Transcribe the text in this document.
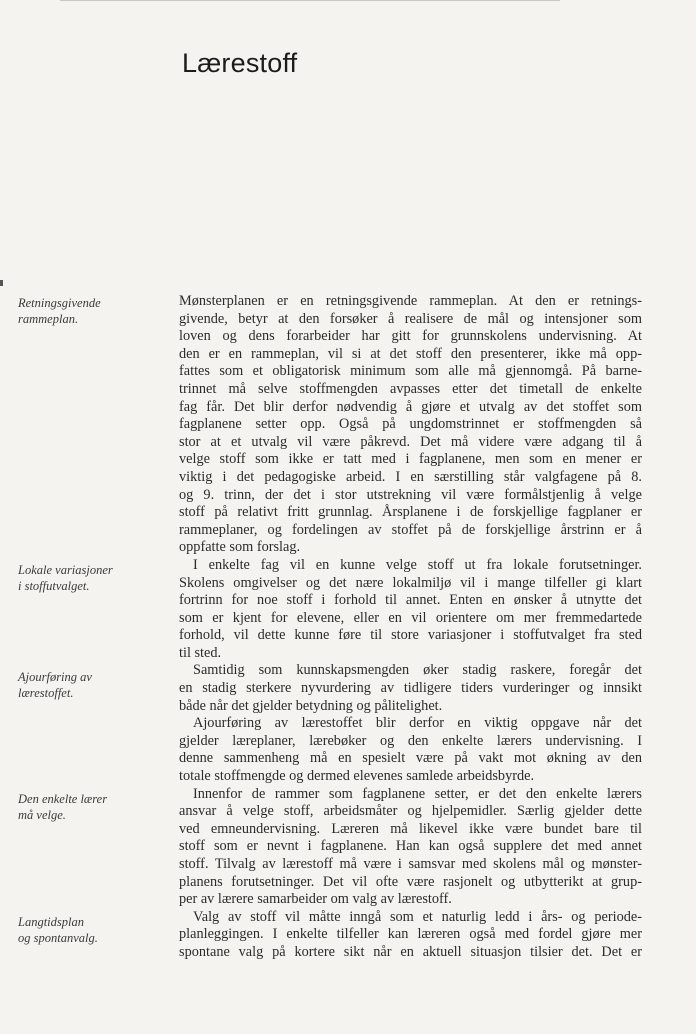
Lærestoff
Retningsgivende
rammeplan.
Lokale variasjoner
i stoffutvalget.
Ajourføring av
lærestoffet.
Den enkelte lærer
må velge.
Langtidsplan
og spontanvalg.
Mønsterplanen er en retningsgivende rammeplan. At den er retnings-
givende, betyr at den forsøker å realisere de mål og intensjoner som
loven og dens forarbeider har gitt for grunnskolens undervisning. At
den er en rammeplan, vil si at det stoff den presenterer, ikke må opp-
fattes som et obligatorisk minimum som alle må gjennomgå. På barne-
trinnet må selve stoffmengden avpasses etter det timetall de enkelte
fag får. Det blir derfor nødvendig å gjøre et utvalg av det stoffet som
fagplanene setter opp. Også på ungdomstrinnet er stoffmengden så
stor at et utvalg vil være påkrevd. Det må videre være adgang til å
velge stoff som ikke er tatt med i fagplanene, men som en mener er
viktig i det pedagogiske arbeid. I en særstilling står valgfagene på 8.
og 9. trinn, der det i stor utstrekning vil være formålstjenlig å velge
stoff på relativt fritt grunnlag. Årsplanene i de forskjellige fagplaner er
rammeplaner, og fordelingen av stoffet på de forskjellige årstrinn er å
oppfatte som forslag.
I enkelte fag vil en kunne velge stoff ut fra lokale forutsetninger.
Skolens omgivelser og det nære lokalmiljø vil i mange tilfeller gi klart
fortrinn for noe stoff i forhold til annet. Enten en ønsker å utnytte det
som er kjent for elevene, eller en vil orientere om mer fremmedartede
forhold, vil dette kunne føre til store variasjoner i stoffutvalget fra sted
til sted.
Samtidig som kunnskapsmengden øker stadig raskere, foregår det
en stadig sterkere nyvurdering av tidligere tiders vurderinger og innsikt
både når det gjelder betydning og pålitelighet.
Ajourføring av lærestoffet blir derfor en viktig oppgave når det
gjelder læreplaner, lærebøker og den enkelte lærers undervisning. I
denne sammenheng må en spesielt være på vakt mot økning av den
totale stoffmengde og dermed elevenes samlede arbeidsbyrde.
Innenfor de rammer som fagplanene setter, er det den enkelte lærers
ansvar å velge stoff, arbeidsmåter og hjelpemidler. Særlig gjelder dette
ved emneundervisning. Læreren må likevel ikke være bundet bare til
stoff som er nevnt i fagplanene. Han kan også supplere det med annet
stoff. Tilvalg av lærestoff må være i samsvar med skolens mål og mønster-
planens forutsetninger. Det vil ofte være rasjonelt og utbytterikt at grup-
per av lærere samarbeider om valg av lærestoff.
Valg av stoff vil måtte inngå som et naturlig ledd i års- og periode-
planleggingen. I enkelte tilfeller kan læreren også med fordel gjøre mer
spontane valg på kortere sikt når en aktuell situasjon tilsier det. Det er
